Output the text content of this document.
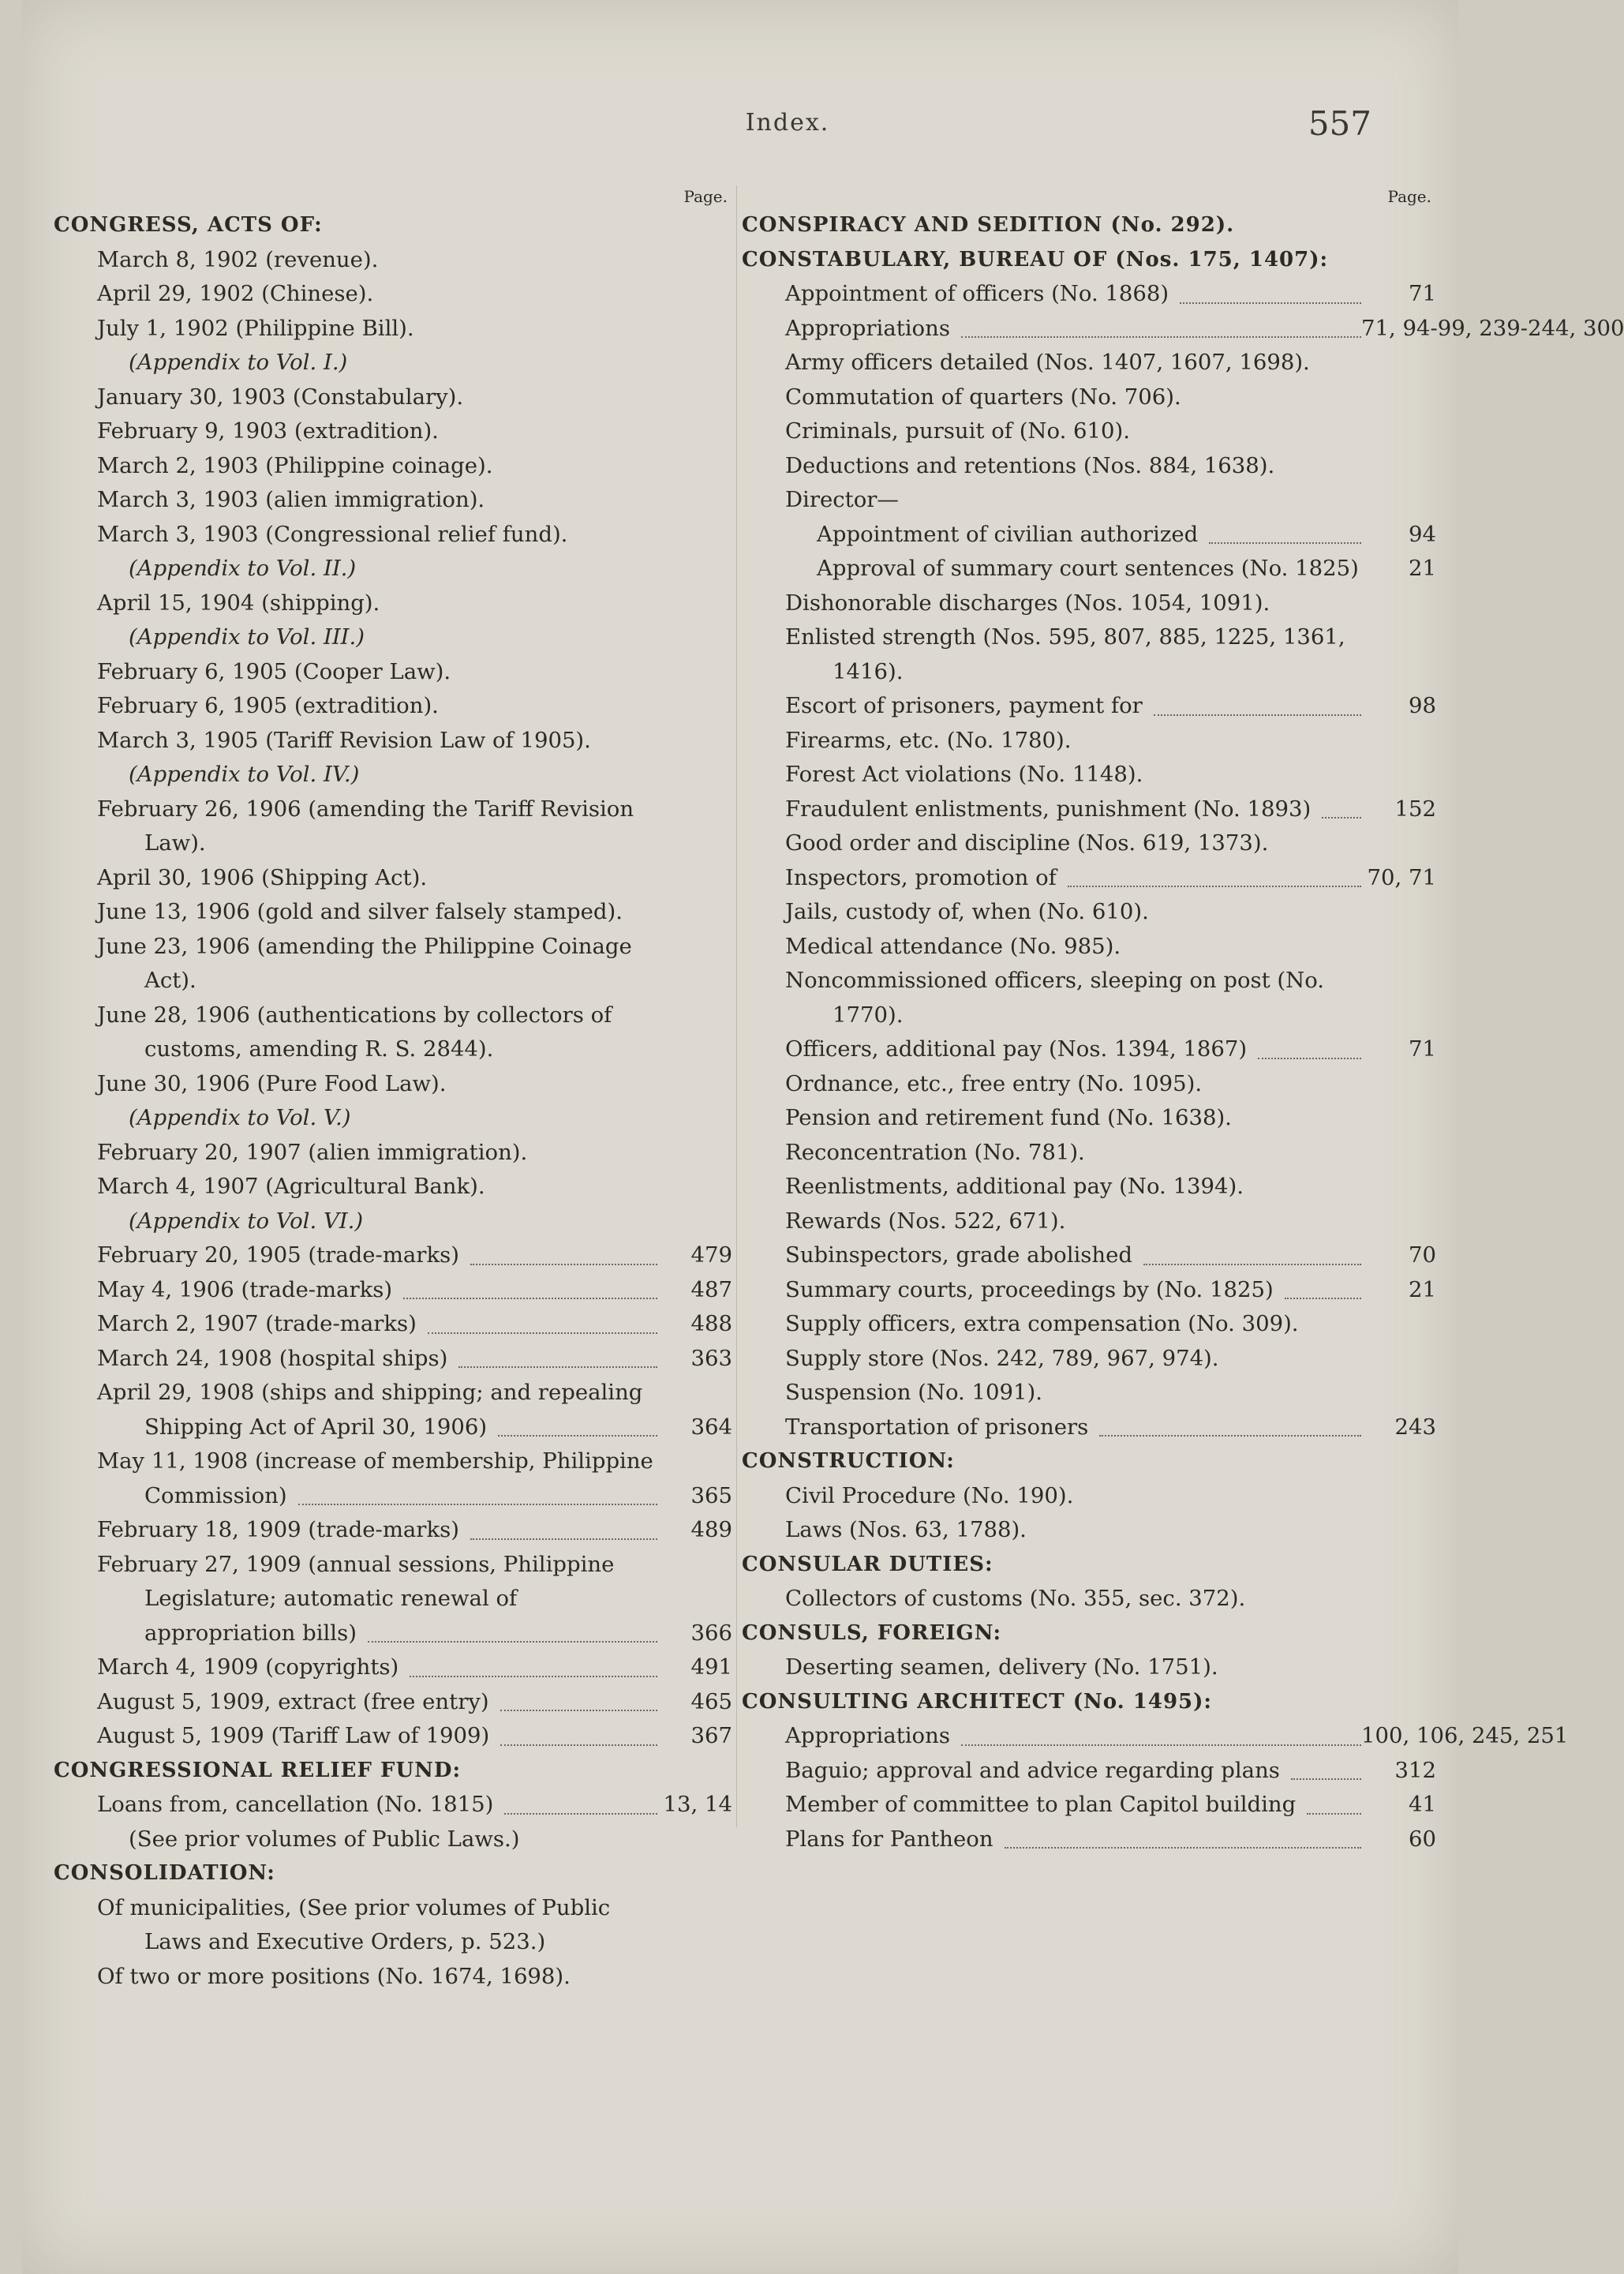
Index.	557
Page.
CONGRESS, ACTS OF:
March 8, 1902 (revenue).
April 29, 1902 (Chinese).
July 1, 1902 (Philippine Bill).
(Appendix to Vol. I.)
January 30, 1903 (Constabulary).
February 9, 1903 (extradition).
March 2, 1903 (Philippine coinage).
March 3, 1903 (alien immigration).
March 3, 1903 (Congressional relief fund).
(Appendix to Vol. II.)
April 15, 1904 (shipping).
(Appendix to Vol. III.)
February 6, 1905 (Cooper Law).
February 6, 1905 (extradition).
March 3, 1905 (Tariff Revision Law of 1905).
(Appendix to Vol. IV.)
February 26, 1906 (amending the Tariff Revision Law).
April 30, 1906 (Shipping Act).
June 13, 1906 (gold and silver falsely stamped).
June 23, 1906 (amending the Philippine Coinage Act).
June 28, 1906 (authentications by collectors of customs, amending R. S. 2844).
June 30, 1906 (Pure Food Law).
(Appendix to Vol. V.)
February 20, 1907 (alien immigration).
March 4, 1907 (Agricultural Bank).
(Appendix to Vol. VI.)
February 20, 1905 (trade-marks)	479
May 4, 1906 (trade-marks)	487
March 2, 1907 (trade-marks)	488
March 24, 1908 (hospital ships)	363
April 29, 1908 (ships and shipping; and repealing Shipping Act of April 30, 1906)	364
May 11, 1908 (increase of membership, Philippine Commission)	365
February 18, 1909 (trade-marks)	489
February 27, 1909 (annual sessions, Philippine Legislature; automatic renewal of appropriation bills)	366
March 4, 1909 (copyrights)	491
August 5, 1909, extract (free entry)	465
August 5, 1909 (Tariff Law of 1909)	367
CONGRESSIONAL RELIEF FUND:
Loans from, cancellation (No. 1815)	13, 14
(See prior volumes of Public Laws.)
CONSOLIDATION:
Of municipalities, (See prior volumes of Public Laws and Executive Orders, p. 523.)
Of two or more positions (No. 1674, 1698).
Page.
CONSPIRACY AND SEDITION (No. 292).
CONSTABULARY, BUREAU OF (Nos. 175, 1407):
Appointment of officers (No. 1868)	71
Appropriations	71, 94-99, 239-244, 300
Army officers detailed (Nos. 1407, 1607, 1698).
Commutation of quarters (No. 706).
Criminals, pursuit of (No. 610).
Deductions and retentions (Nos. 884, 1638).
Director—
Appointment of civilian authorized	94
Approval of summary court sentences (No. 1825)	21
Dishonorable discharges (Nos. 1054, 1091).
Enlisted strength (Nos. 595, 807, 885, 1225, 1361, 1416).
Escort of prisoners, payment for	98
Firearms, etc. (No. 1780).
Forest Act violations (No. 1148).
Fraudulent enlistments, punishment (No. 1893)	152
Good order and discipline (Nos. 619, 1373).
Inspectors, promotion of	70, 71
Jails, custody of, when (No. 610).
Medical attendance (No. 985).
Noncommissioned officers, sleeping on post (No. 1770).
Officers, additional pay (Nos. 1394, 1867)	71
Ordnance, etc., free entry (No. 1095).
Pension and retirement fund (No. 1638).
Reconcentration (No. 781).
Reenlistments, additional pay (No. 1394).
Rewards (Nos. 522, 671).
Subinspectors, grade abolished	70
Summary courts, proceedings by (No. 1825)	21
Supply officers, extra compensation (No. 309).
Supply store (Nos. 242, 789, 967, 974).
Suspension (No. 1091).
Transportation of prisoners	243
CONSTRUCTION:
Civil Procedure (No. 190).
Laws (Nos. 63, 1788).
CONSULAR DUTIES:
Collectors of customs (No. 355, sec. 372).
CONSULS, FOREIGN:
Deserting seamen, delivery (No. 1751).
CONSULTING ARCHITECT (No. 1495):
Appropriations	100, 106, 245, 251
Baguio; approval and advice regarding plans	312
Member of committee to plan Capitol building	41
Plans for Pantheon	60
